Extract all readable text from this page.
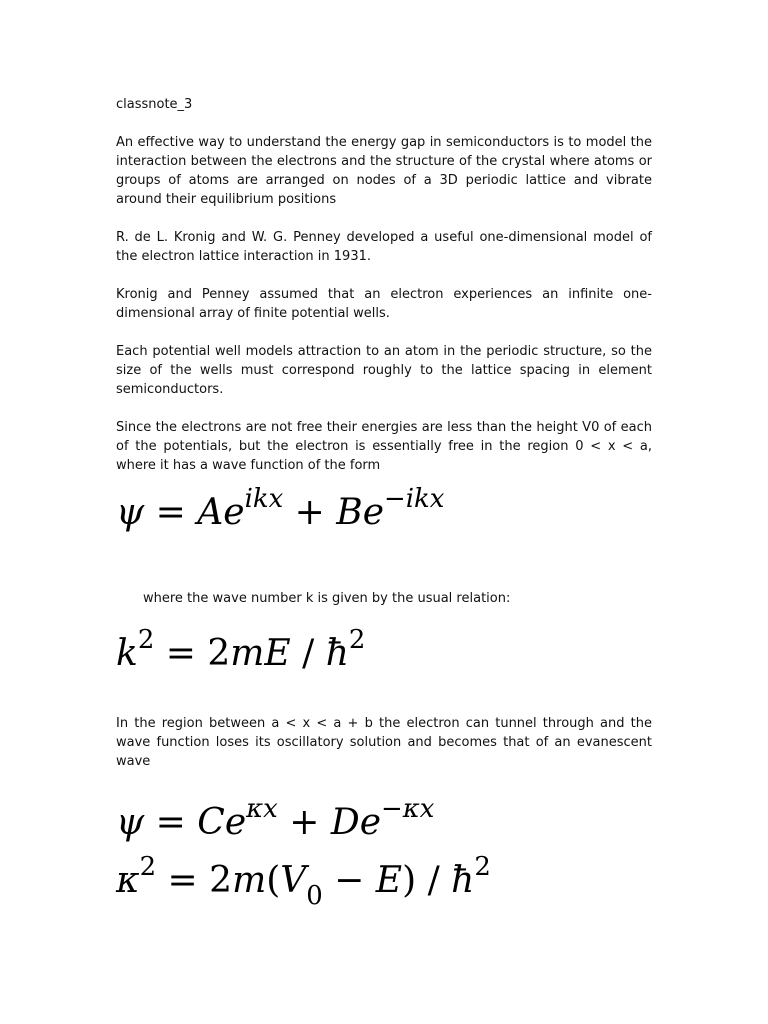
classnote_3

An effective way to understand the energy gap in semiconductors is to model the interaction between the electrons and the structure of the crystal where atoms or groups of atoms are arranged on nodes of a 3D periodic lattice and vibrate around their equilibrium positions

R. de L. Kronig and W. G. Penney developed a useful one-dimensional model of the electron lattice interaction in 1931.

Kronig and Penney assumed that an electron experiences an infinite one-dimensional array of finite potential wells.

Each potential well models attraction to an atom in the periodic structure, so the size of the wells must correspond roughly to the lattice spacing in element semiconductors.

Since the electrons are not free their energies are less than the height V0 of each of the potentials, but the electron is essentially free in the region 0 < x < a, where it has a wave function of the form

$\psi = Ae^{ikx} + Be^{-ikx}$

where the wave number k is given by the usual relation:

$k^2 = 2mE$ / $ħ^2$

In the region between a < x < a + b the electron can tunnel through and the wave function loses its oscillatory solution and becomes that of an evanescent wave

$\psi = Ce^{\kappa x} + De^{-\kappa x}$
$\kappa^2 = 2m(V_0 - E)$ / $ħ^2$
